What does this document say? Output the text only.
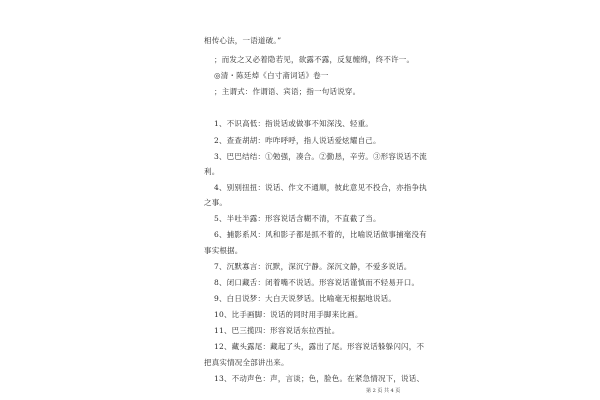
相传心法，一语道破。”
；而发之又必着隐若见，欲露不露，反复缠绵，终不许一。
◎清・陈廷焯《白寸斋词话》卷一
；主谓式：作谓语、宾语；指一句话说穿。
1、不识高低：指说话或做事不知深浅、轻重。
2、查查胡胡：咋咋呼呼，指人说话爱炫耀自己。
3、巴巴结结：①勉强，凑合。②勤恳，辛劳。③形容说话不流
利。
4、别别扭扭：说话、作文不通顺，彼此意见不投合，亦指争执
之事。
5、半吐半露：形容说话含糊不清，不直截了当。
6、捕影系风：风和影子都是抓不着的，比喻说话做事捕毫没有
事实根据。
7、沉默寡言：沉默，深沉宁静。深沉文静，不爱多说话。
8、闭口藏舌：闭着嘴不说话。形容说话谨慎而不轻易开口。
9、白日说梦：大白天说梦话。比喻毫无根据地说话。
10、比手画脚：说话的同时用手脚来比画。
11、巴三揽四：形容说话东拉西扯。
12、藏头露尾：藏起了头，露出了尾。形容说话躲躲闪闪，不
把真实情况全部讲出来。
13、不动声色：声，言谈；色，脸色。在紧急情况下，说话、
第 2 页 共 4 页
